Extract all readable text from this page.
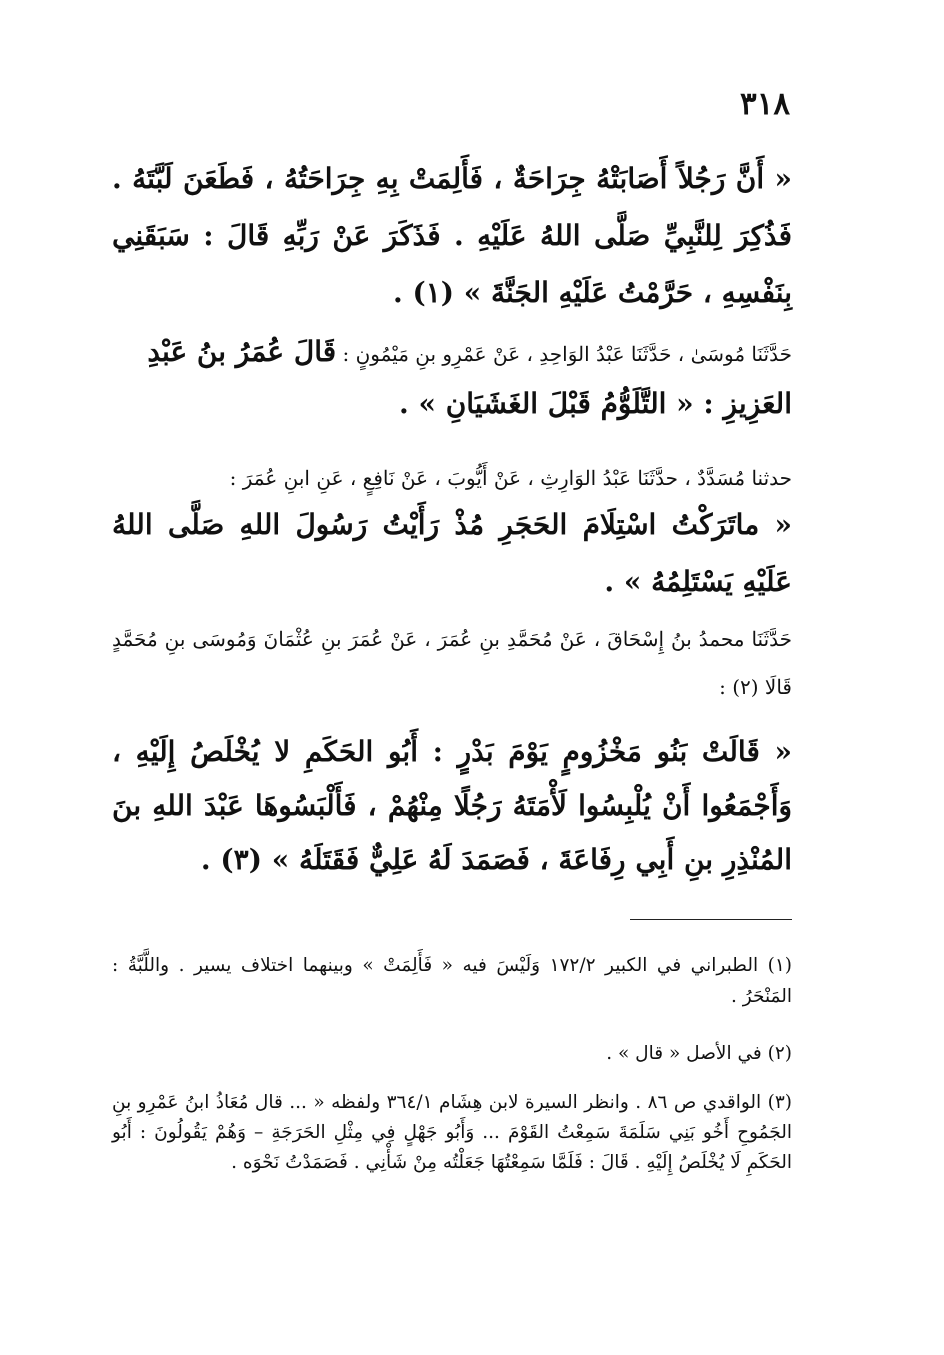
٣١٨

« أَنَّ رَجُلاً أَصَابَتْهُ جِرَاحَةٌ ، فَأَلِمَتْ بِهِ جِرَاحَتُهُ ، فَطَعَنَ لَبَّتَهُ . فَذُكِرَ لِلنَّبِيِّ صَلَّى اللهُ عَلَيْهِ . فَذَكَرَ عَنْ رَبِّهِ قَالَ : سَبَقَنِي بِنَفْسِهِ ، حَرَّمْتُ عَلَيْهِ الجَنَّةَ » (١) .

حَدَّثَنَا مُوسَىٰ ، حَدَّثَنَا عَبْدُ الوَاحِدِ ، عَنْ عَمْرِو بنِ مَيْمُونٍ : قَالَ عُمَرُ بنُ عَبْدِ
العَزِيزِ : « التَّلَوُّمُ قَبْلَ الغَشَيَانِ » .

حدثنا مُسَدَّدٌ ، حدَّثَنَا عَبْدُ الوَارِثِ ، عَنْ أَيُّوبَ ، عَنْ نَافِعٍ ، عَنِ ابنِ عُمَرَ :

« ماتَرَكْتُ اسْتِلَامَ الحَجَرِ مُذْ رَأَيْتُ رَسُولَ اللهِ صَلَّى اللهُ عَلَيْهِ يَسْتَلِمُهُ » .

حَدَّثَنَا محمدُ بنُ إِسْحَاقَ ، عَنْ مُحَمَّدِ بنِ عُمَرَ ، عَنْ عُمَرَ بنِ عُثْمَانَ وَمُوسَى بنِ مُحَمَّدٍ قَالَا (٢) :

« قَالَتْ بَنُو مَخْزُومٍ يَوْمَ بَدْرٍ : أَبُو الحَكَمِ لا يُخْلَصُ إِلَيْهِ ، وَأَجْمَعُوا أَنْ يُلْبِسُوا لَأْمَتَهُ رَجُلًا مِنْهُمْ ، فَأَلْبَسُوهَا عَبْدَ اللهِ بنَ المُنْذِرِ بنِ أَبِي رِفَاعَةَ ، فَصَمَدَ لَهُ عَلِيٌّ فَقَتَلَهُ » (٣) .

(١) الطبراني في الكبير ١٧٢/٢ وَلَيْسَ فيه « فَأَلِمَتْ » وبينهما اختلاف يسير . واللَّبَّةُ : المَنْحَرُ .

(٢) في الأصل « قال » .

(٣) الواقدي ص ٨٦ . وانظر السيرة لابن هِشَام ٣٦٤/١ ولفظه « ... قال مُعَاذُ ابنُ عَمْرِو بنِ الجَمُوحِ أَخُو بَنِي سَلَمَةَ سَمِعْتُ القَوْمَ ... وَأَبُو جَهْلٍ فِي مِثْلِ الحَرَجَةِ – وَهُمْ يَقُولُونَ : أَبُو الحَكَمِ لَا يُخْلَصُ إِلَيْهِ . قَالَ : فَلَمَّا سَمِعْتُهَا جَعَلْتُه مِنْ شَأْنِي . فَصَمَدْتُ نَحْوَه .
